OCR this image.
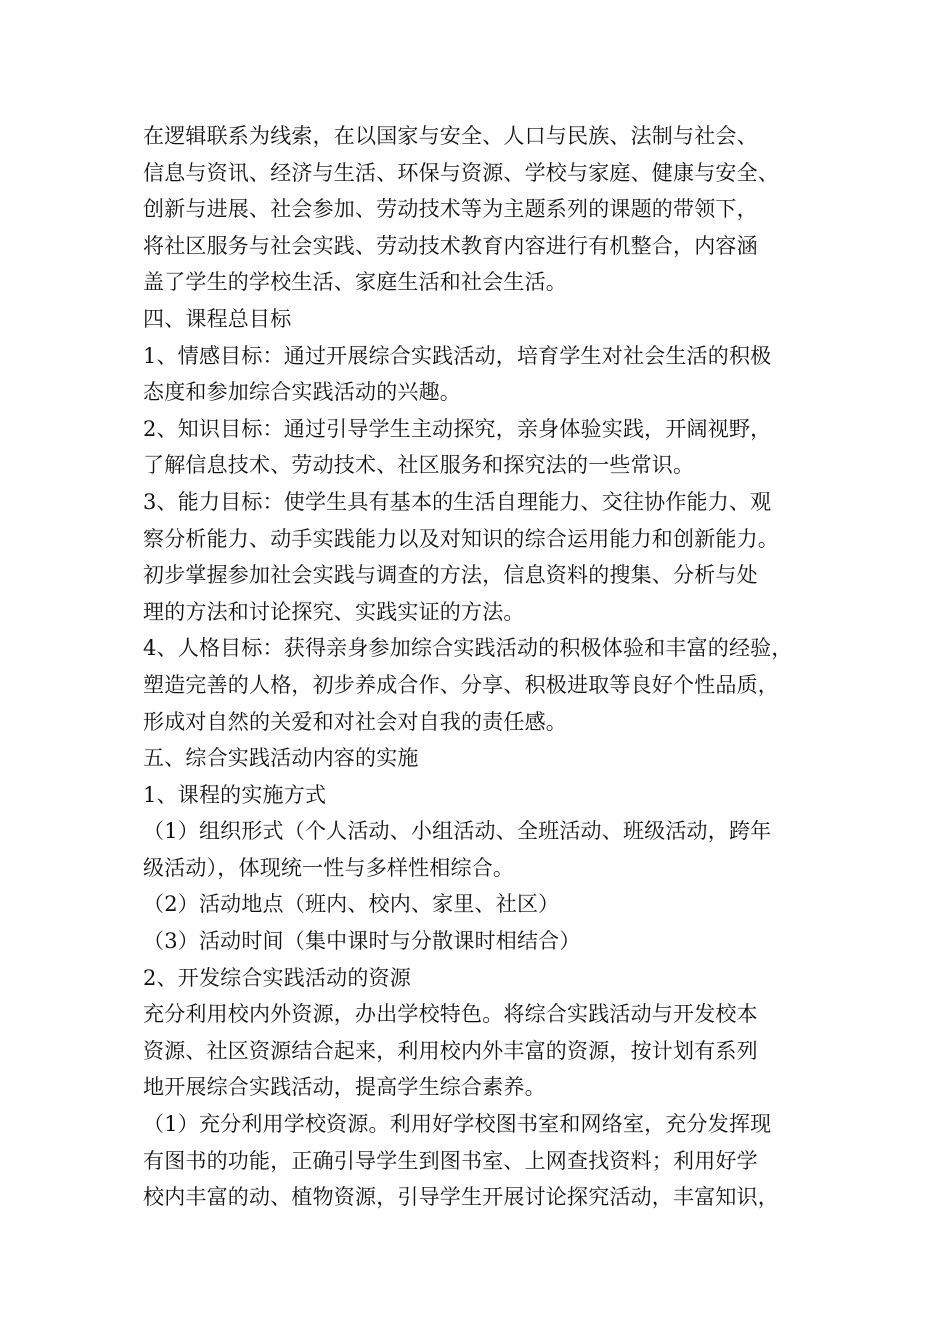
在逻辑联系为线索，在以国家与安全、人口与民族、法制与社会、
信息与资讯、经济与生活、环保与资源、学校与家庭、健康与安全、
创新与进展、社会参加、劳动技术等为主题系列的课题的带领下，
将社区服务与社会实践、劳动技术教育内容进行有机整合，内容涵
盖了学生的学校生活、家庭生活和社会生活。
四、课程总目标
1、情感目标：通过开展综合实践活动，培育学生对社会生活的积极
态度和参加综合实践活动的兴趣。
2、知识目标：通过引导学生主动探究，亲身体验实践，开阔视野，
了解信息技术、劳动技术、社区服务和探究法的一些常识。
3、能力目标：使学生具有基本的生活自理能力、交往协作能力、观
察分析能力、动手实践能力以及对知识的综合运用能力和创新能力。
初步掌握参加社会实践与调查的方法，信息资料的搜集、分析与处
理的方法和讨论探究、实践实证的方法。
4、人格目标：获得亲身参加综合实践活动的积极体验和丰富的经验，
塑造完善的人格，初步养成合作、分享、积极进取等良好个性品质，
形成对自然的关爱和对社会对自我的责任感。
五、综合实践活动内容的实施
1、课程的实施方式
（1）组织形式（个人活动、小组活动、全班活动、班级活动，跨年
级活动），体现统一性与多样性相综合。
（2）活动地点（班内、校内、家里、社区）
（3）活动时间（集中课时与分散课时相结合）
2、开发综合实践活动的资源
充分利用校内外资源，办出学校特色。将综合实践活动与开发校本
资源、社区资源结合起来，利用校内外丰富的资源，按计划有系列
地开展综合实践活动，提高学生综合素养。
（1）充分利用学校资源。利用好学校图书室和网络室，充分发挥现
有图书的功能，正确引导学生到图书室、上网查找资料；利用好学
校内丰富的动、植物资源，引导学生开展讨论探究活动，丰富知识，
